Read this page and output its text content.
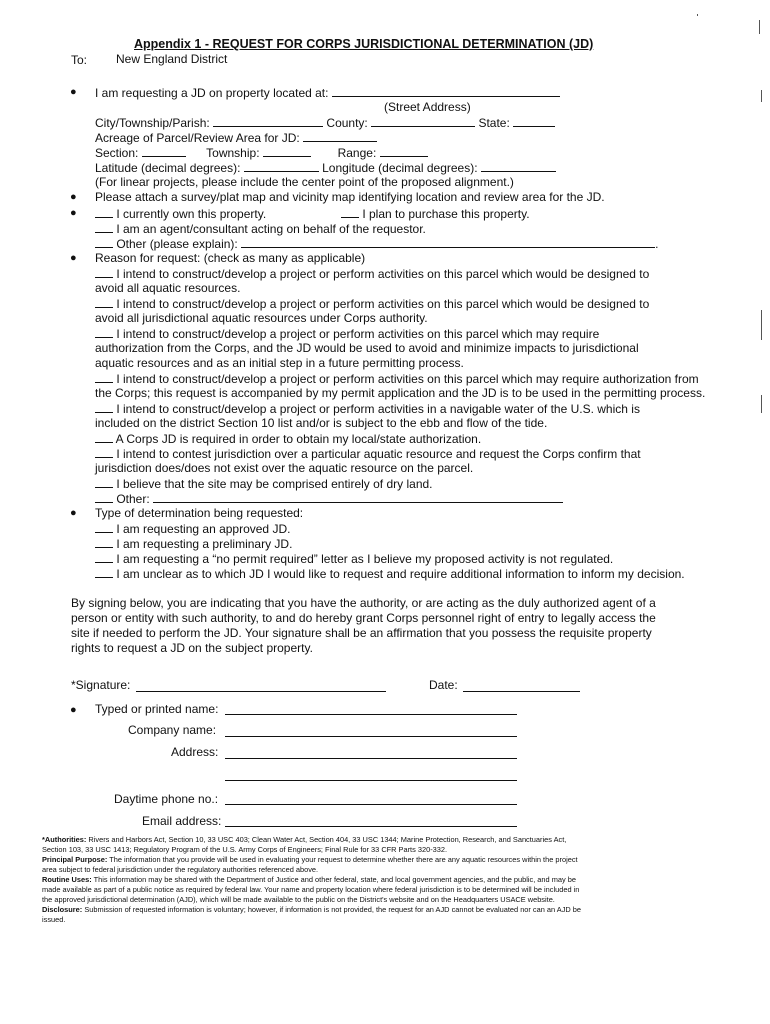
Appendix 1 - REQUEST FOR CORPS JURISDICTIONAL DETERMINATION (JD)
To: New England District
● I am requesting a JD on property located at:
(Street Address)
City/Township/Parish:	County:	State:
Acreage of Parcel/Review Area for JD:
Section:	Township:	Range:
Latitude (decimal degrees):	Longitude (decimal degrees):
(For linear projects, please include the center point of the proposed alignment.)
● Please attach a survey/plat map and vicinity map identifying location and review area for the JD.
●	I currently own this property.	I plan to purchase this property.
I am an agent/consultant acting on behalf of the requestor.
Other (please explain):	.
● Reason for request: (check as many as applicable)
I intend to construct/develop a project or perform activities on this parcel which would be designed to
avoid all aquatic resources.
I intend to construct/develop a project or perform activities on this parcel which would be designed to
avoid all jurisdictional aquatic resources under Corps authority.
I intend to construct/develop a project or perform activities on this parcel which may require
authorization from the Corps, and the JD would be used to avoid and minimize impacts to jurisdictional
aquatic resources and as an initial step in a future permitting process.
I intend to construct/develop a project or perform activities on this parcel which may require authorization from
the Corps; this request is accompanied by my permit application and the JD is to be used in the permitting process.
I intend to construct/develop a project or perform activities in a navigable water of the U.S. which is
included on the district Section 10 list and/or is subject to the ebb and flow of the tide.
A Corps JD is required in order to obtain my local/state authorization.
I intend to contest jurisdiction over a particular aquatic resource and request the Corps confirm that
jurisdiction does/does not exist over the aquatic resource on the parcel.
I believe that the site may be comprised entirely of dry land.
Other:
● Type of determination being requested:
I am requesting an approved JD.
I am requesting a preliminary JD.
I am requesting a “no permit required” letter as I believe my proposed activity is not regulated.
I am unclear as to which JD I would like to request and require additional information to inform my decision.
By signing below, you are indicating that you have the authority, or are acting as the duly authorized agent of a
person or entity with such authority, to and do hereby grant Corps personnel right of entry to legally access the
site if needed to perform the JD. Your signature shall be an affirmation that you possess the requisite property
rights to request a JD on the subject property.
*Signature:	Date:
● Typed or printed name:
Company name:
Address:
Daytime phone no.:
Email address:
*Authorities: Rivers and Harbors Act, Section 10, 33 USC 403; Clean Water Act, Section 404, 33 USC 1344; Marine Protection, Research, and Sanctuaries Act,
Section 103, 33 USC 1413; Regulatory Program of the U.S. Army Corps of Engineers; Final Rule for 33 CFR Parts 320-332.
Principal Purpose: The information that you provide will be used in evaluating your request to determine whether there are any aquatic resources within the project
area subject to federal jurisdiction under the regulatory authorities referenced above.
Routine Uses: This information may be shared with the Department of Justice and other federal, state, and local government agencies, and the public, and may be
made available as part of a public notice as required by federal law. Your name and property location where federal jurisdiction is to be determined will be included in
the approved jurisdictional determination (AJD), which will be made available to the public on the District's website and on the Headquarters USACE website.
Disclosure: Submission of requested information is voluntary; however, if information is not provided, the request for an AJD cannot be evaluated nor can an AJD be
issued.
